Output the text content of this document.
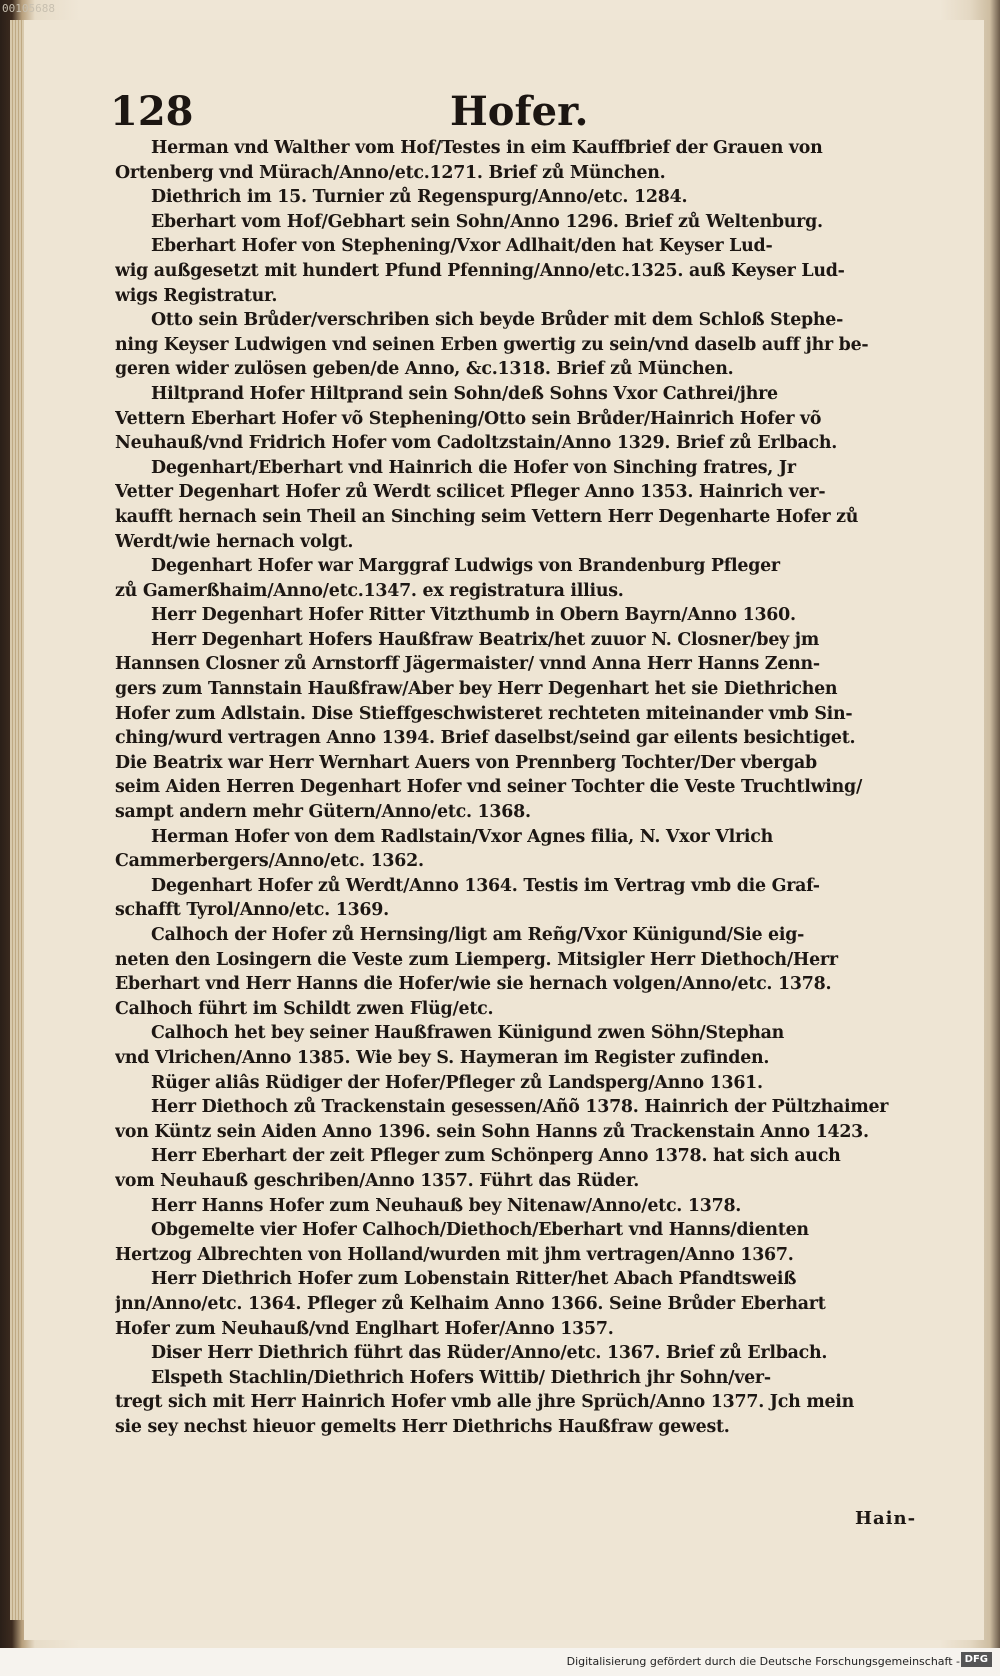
00105688
128	Hofer.
Herman vnd Walther vom Hof/Testes in eim Kauffbrief der Grauen von
Ortenberg vnd Mürach/Anno/etc.1271. Brief zů München.
Diethrich im 15. Turnier zů Regenspurg/Anno/etc. 1284.
Eberhart vom Hof/Gebhart sein Sohn/Anno 1296. Brief zů Weltenburg.
Eberhart Hofer von Stephening/Vxor Adlhait/den hat Keyser Lud-
wig außgesetzt mit hundert Pfund Pfenning/Anno/etc.1325. auß Keyser Lud-
wigs Registratur.
Otto sein Brůder/verschriben sich beyde Brůder mit dem Schloß Stephe-
ning Keyser Ludwigen vnd seinen Erben gwertig zu sein/vnd daselb auff jhr be-
geren wider zulösen geben/de Anno, &c.1318. Brief zů München.
Hiltprand Hofer Hiltprand sein Sohn/deß Sohns Vxor Cathrei/jhre
Vettern Eberhart Hofer võ Stephening/Otto sein Brůder/Hainrich Hofer võ
Neuhauß/vnd Fridrich Hofer vom Cadoltzstain/Anno 1329. Brief zů Erlbach.
Degenhart/Eberhart vnd Hainrich die Hofer von Sinching fratres, Jr
Vetter Degenhart Hofer zů Werdt scilicet Pfleger Anno 1353. Hainrich ver-
kaufft hernach sein Theil an Sinching seim Vettern Herr Degenharte Hofer zů
Werdt/wie hernach volgt.
Degenhart Hofer war Marggraf Ludwigs von Brandenburg Pfleger
zů Gamerßhaim/Anno/etc.1347. ex registratura illius.
Herr Degenhart Hofer Ritter Vitzthumb in Obern Bayrn/Anno 1360.
Herr Degenhart Hofers Haußfraw Beatrix/het zuuor N. Closner/bey jm
Hannsen Closner zů Arnstorff Jägermaister/ vnnd Anna Herr Hanns Zenn-
gers zum Tannstain Haußfraw/Aber bey Herr Degenhart het sie Diethrichen
Hofer zum Adlstain. Dise Stieffgeschwisteret rechteten miteinander vmb Sin-
ching/wurd vertragen Anno 1394. Brief daselbst/seind gar eilents besichtiget.
Die Beatrix war Herr Wernhart Auers von Prennberg Tochter/Der vbergab
seim Aiden Herren Degenhart Hofer vnd seiner Tochter die Veste Truchtlwing/
sampt andern mehr Gütern/Anno/etc. 1368.
Herman Hofer von dem Radlstain/Vxor Agnes filia, N. Vxor Vlrich
Cammerbergers/Anno/etc. 1362.
Degenhart Hofer zů Werdt/Anno 1364. Testis im Vertrag vmb die Graf-
schafft Tyrol/Anno/etc. 1369.
Calhoch der Hofer zů Hernsing/ligt am Reñg/Vxor Künigund/Sie eig-
neten den Losingern die Veste zum Liemperg. Mitsigler Herr Diethoch/Herr
Eberhart vnd Herr Hanns die Hofer/wie sie hernach volgen/Anno/etc. 1378.
Calhoch führt im Schildt zwen Flüg/etc.
Calhoch het bey seiner Haußfrawen Künigund zwen Söhn/Stephan
vnd Vlrichen/Anno 1385. Wie bey S. Haymeran im Register zufinden.
Rüger aliâs Rüdiger der Hofer/Pfleger zů Landsperg/Anno 1361.
Herr Diethoch zů Trackenstain gesessen/Añõ 1378. Hainrich der Pültzhaimer
von Küntz sein Aiden Anno 1396. sein Sohn Hanns zů Trackenstain Anno 1423.
Herr Eberhart der zeit Pfleger zum Schönperg Anno 1378. hat sich auch
vom Neuhauß geschriben/Anno 1357. Führt das Rüder.
Herr Hanns Hofer zum Neuhauß bey Nitenaw/Anno/etc. 1378.
Obgemelte vier Hofer Calhoch/Diethoch/Eberhart vnd Hanns/dienten
Hertzog Albrechten von Holland/wurden mit jhm vertragen/Anno 1367.
Herr Diethrich Hofer zum Lobenstain Ritter/het Abach Pfandtsweiß
jnn/Anno/etc. 1364. Pfleger zů Kelhaim Anno 1366. Seine Brůder Eberhart
Hofer zum Neuhauß/vnd Englhart Hofer/Anno 1357.
Diser Herr Diethrich führt das Rüder/Anno/etc. 1367. Brief zů Erlbach.
Elspeth Stachlin/Diethrich Hofers Wittib/ Diethrich jhr Sohn/ver-
tregt sich mit Herr Hainrich Hofer vmb alle jhre Sprüch/Anno 1377. Jch mein
sie sey nechst hieuor gemelts Herr Diethrichs Haußfraw gewest.
Hain-
Digitalisierung gefördert durch die Deutsche Forschungsgemeinschaft - DFG
